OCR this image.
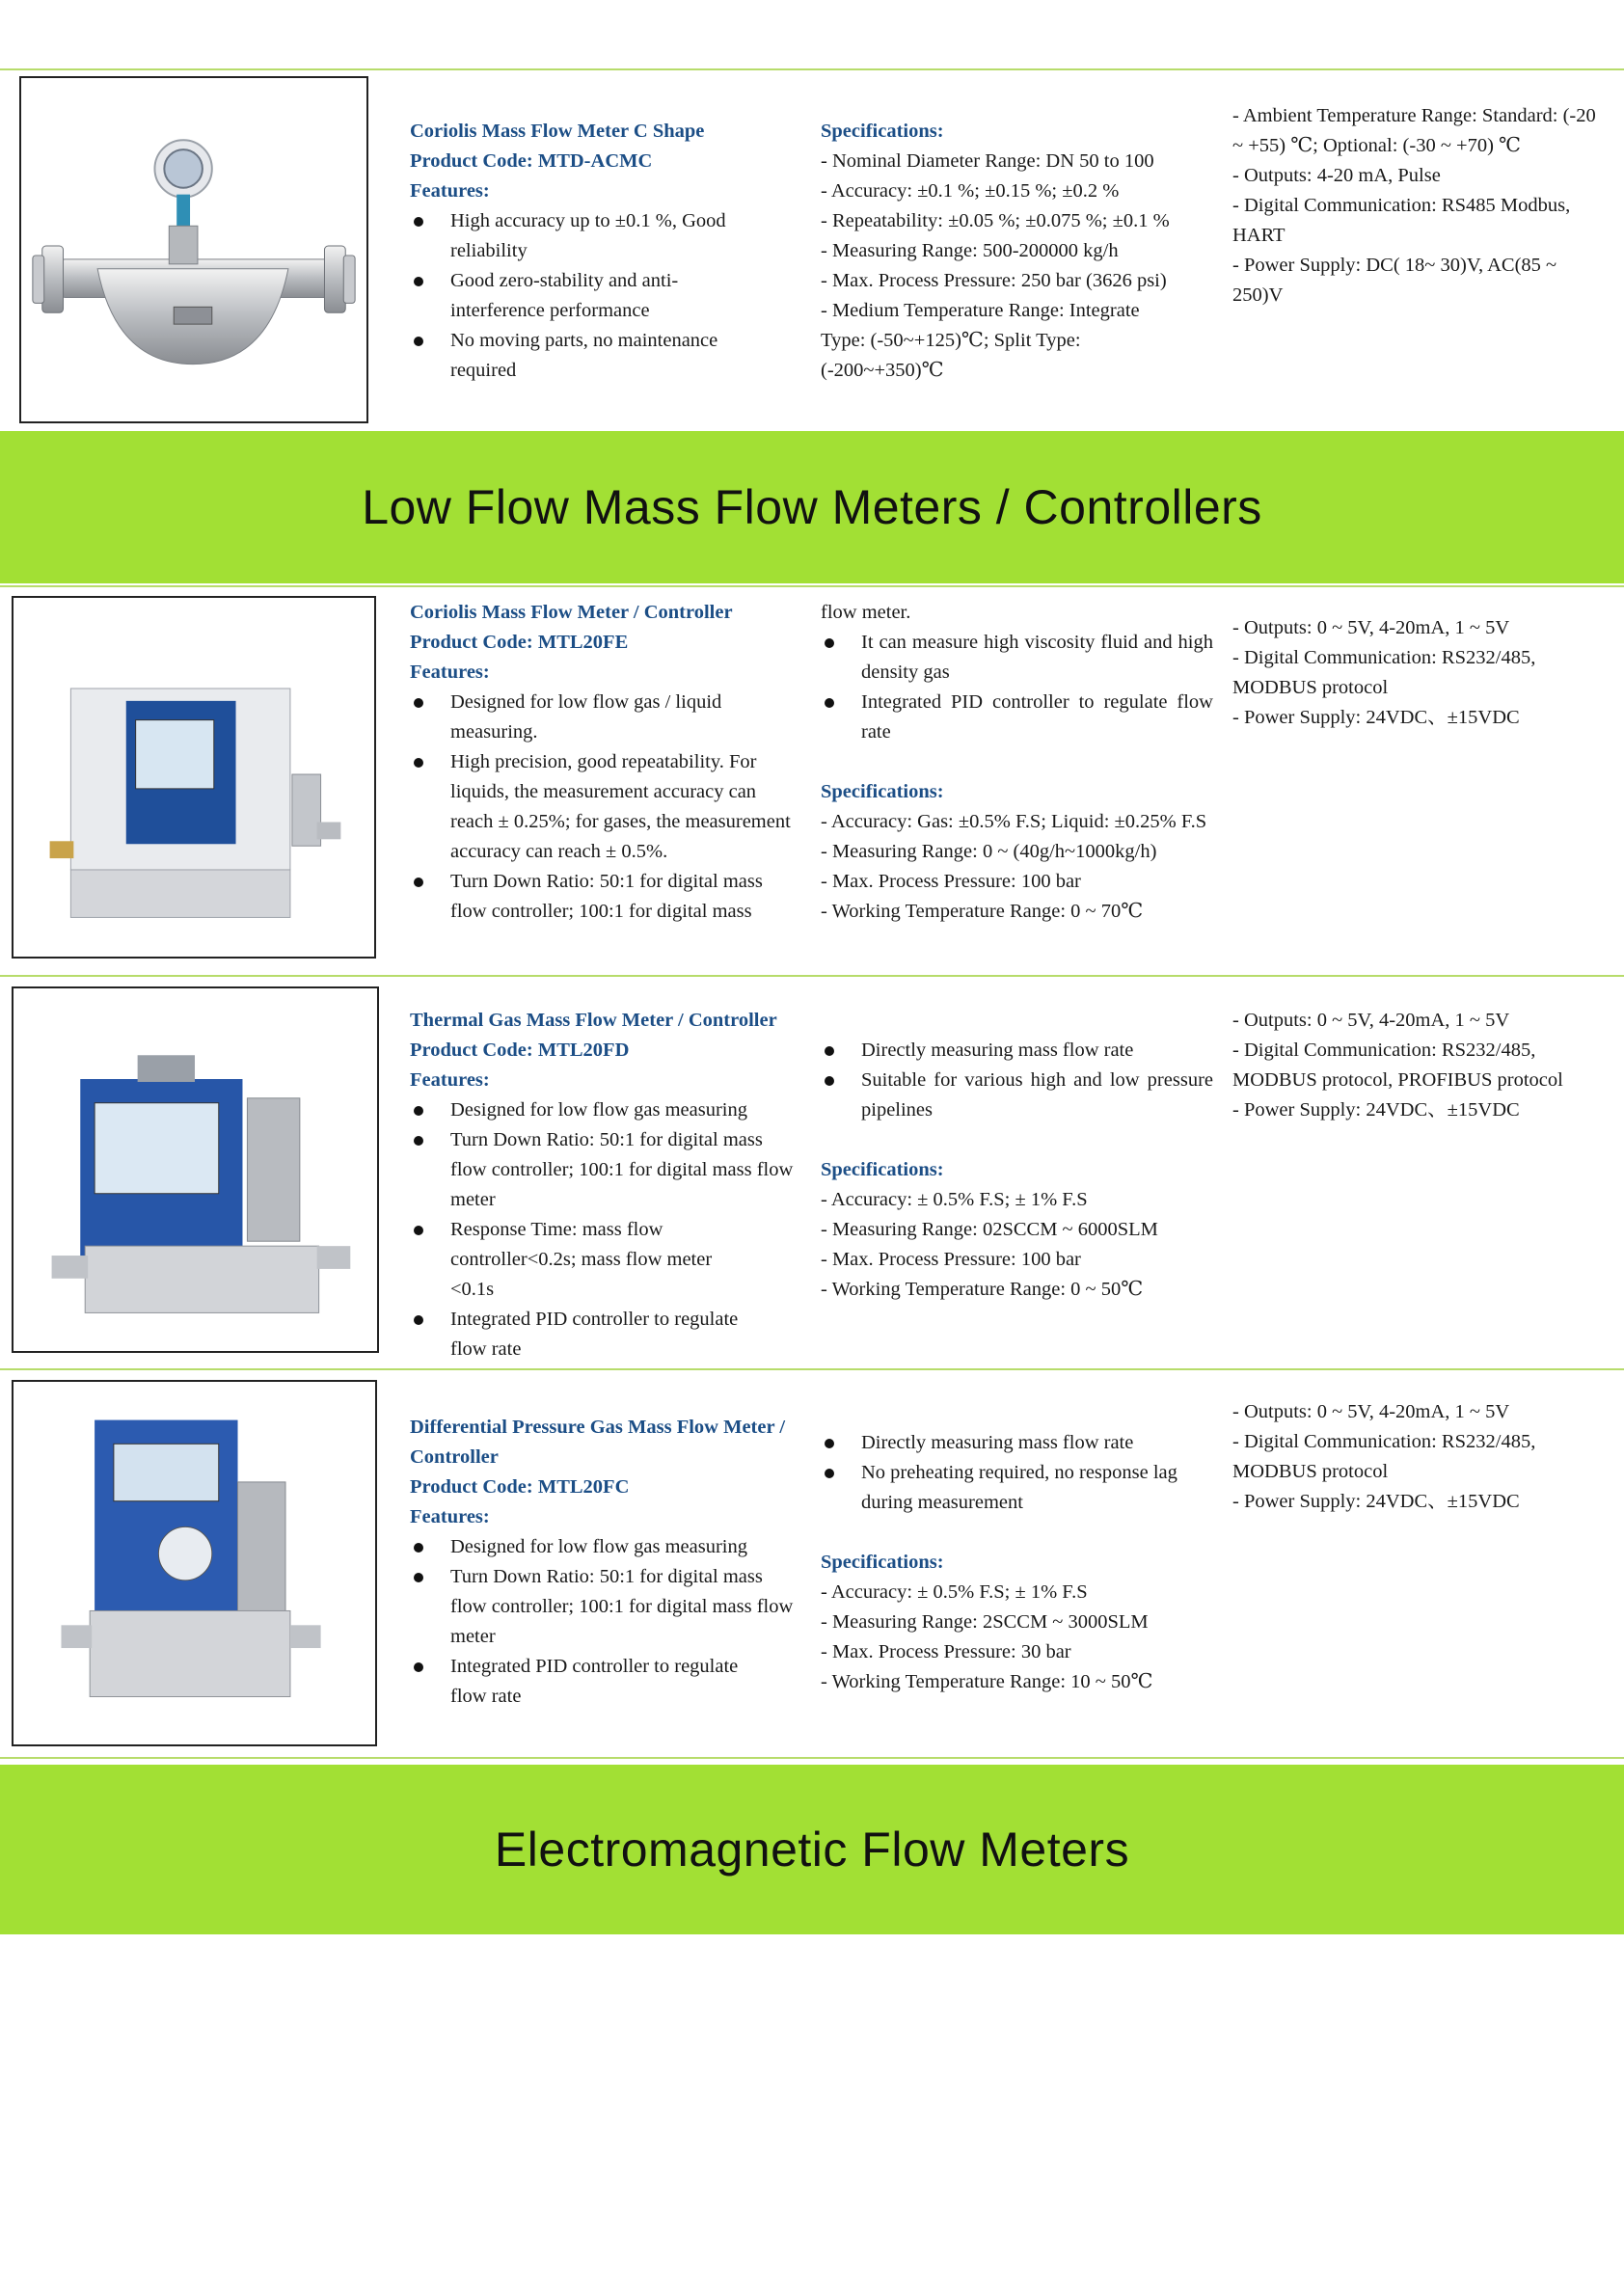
Coriolis Mass Flow Meter C Shape
Product Code: MTD-ACMC
Features:
High accuracy up to ±0.1 %, Good reliability
Good zero-stability and anti-interference performance
No moving parts, no maintenance required
Specifications:
- Nominal Diameter Range: DN 50 to 100
- Accuracy: ±0.1 %; ±0.15 %; ±0.2 %
- Repeatability: ±0.05 %; ±0.075 %; ±0.1 %
- Measuring Range: 500-200000 kg/h
- Max. Process Pressure: 250 bar (3626 psi)
- Medium Temperature Range: Integrate Type: (-50~+125)℃; Split Type: (-200~+350)℃
- Ambient Temperature Range: Standard: (-20 ~ +55) ℃; Optional: (-30 ~ +70) ℃
- Outputs: 4-20 mA, Pulse
- Digital Communication: RS485 Modbus, HART
- Power Supply: DC( 18~ 30)V, AC(85 ~ 250)V
Low Flow Mass Flow Meters / Controllers
Coriolis Mass Flow Meter / Controller
Product Code: MTL20FE
Features:
Designed for low flow gas / liquid measuring.
High precision, good repeatability. For liquids, the measurement accuracy can reach ± 0.25%; for gases, the measurement accuracy can reach ± 0.5%.
Turn Down Ratio: 50:1 for digital mass flow controller; 100:1 for digital mass
flow meter.
It can measure high viscosity fluid and high density gas
Integrated PID controller to regulate flow rate
Specifications:
- Accuracy: Gas: ±0.5% F.S; Liquid: ±0.25% F.S
- Measuring Range: 0 ~ (40g/h~1000kg/h)
- Max. Process Pressure: 100 bar
- Working Temperature Range: 0 ~ 70℃
- Outputs: 0 ~ 5V, 4-20mA, 1 ~ 5V
- Digital Communication: RS232/485, MODBUS protocol
- Power Supply: 24VDC、±15VDC
Thermal Gas Mass Flow Meter / Controller
Product Code: MTL20FD
Features:
Designed for low flow gas measuring
Turn Down Ratio: 50:1 for digital mass flow controller; 100:1 for digital mass flow meter
Response Time: mass flow controller<0.2s; mass flow meter <0.1s
Integrated PID controller to regulate flow rate
Directly measuring mass flow rate
Suitable for various high and low pressure pipelines
Specifications:
- Accuracy: ± 0.5% F.S; ± 1% F.S
- Measuring Range: 02SCCM ~ 6000SLM
- Max. Process Pressure: 100 bar
- Working Temperature Range: 0 ~ 50℃
- Outputs: 0 ~ 5V, 4-20mA, 1 ~ 5V
- Digital Communication: RS232/485, MODBUS protocol, PROFIBUS protocol
- Power Supply: 24VDC、±15VDC
Differential Pressure Gas Mass Flow Meter / Controller
Product Code: MTL20FC
Features:
Designed for low flow gas measuring
Turn Down Ratio: 50:1 for digital mass flow controller; 100:1 for digital mass flow meter
Integrated PID controller to regulate flow rate
Directly measuring mass flow rate
No preheating required, no response lag during measurement
Specifications:
- Accuracy: ± 0.5% F.S; ± 1% F.S
- Measuring Range: 2SCCM ~ 3000SLM
- Max. Process Pressure: 30 bar
- Working Temperature Range: 10 ~ 50℃
- Outputs: 0 ~ 5V, 4-20mA, 1 ~ 5V
- Digital Communication: RS232/485, MODBUS protocol
- Power Supply: 24VDC、±15VDC
Electromagnetic Flow Meters
